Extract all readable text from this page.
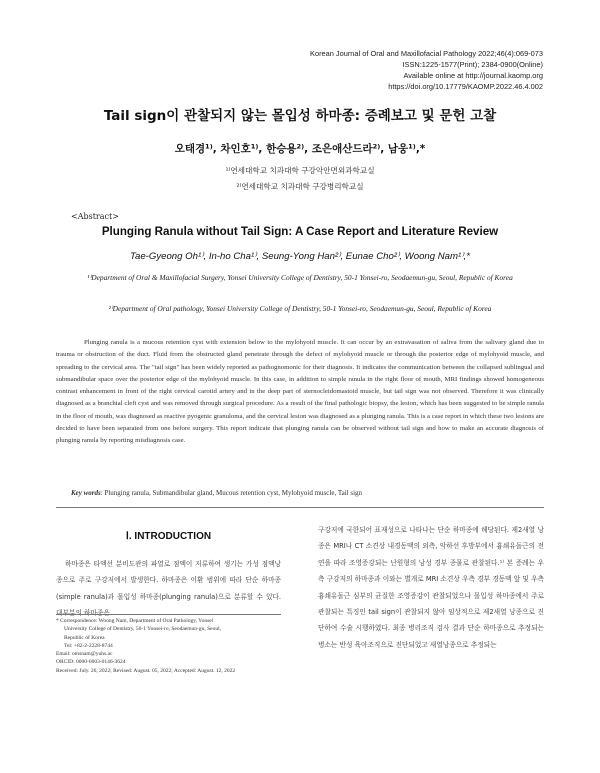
Korean Journal of Oral and Maxillofacial Pathology 2022;46(4):069-073
ISSN:1225-1577(Print); 2384-0900(Online)
Available online at http://journal.kaomp.org
https://doi.org/10.17779/KAOMP.2022.46.4.002
Tail sign이 관찰되지 않는 몰입성 하마종: 증례보고 및 문헌 고찰
오태경¹⁾, 차인호¹⁾, 한승용²⁾, 조은애산드라²⁾, 남웅¹⁾,*
¹⁾연세대학교 치과대학 구강악안면외과학교실
²⁾연세대학교 치과대학 구강병리학교실
<Abstract>
Plunging Ranula without Tail Sign: A Case Report and Literature Review
Tae-Gyeong Oh¹⁾, In-ho Cha¹⁾, Seung-Yong Han²⁾, Eunae Cho²⁾, Woong Nam¹⁾,*
¹⁾Department of Oral & Maxillofacial Surgery, Yonsei University College of Dentistry, 50-1 Yonsei-ro, Seodaemun-gu, Seoul, Republic of Korea
²⁾Department of Oral pathology, Yonsei University College of Dentistry, 50-1 Yonsei-ro, Seodaemun-gu, Seoul, Republic of Korea
Plunging ranula is a mucous retention cyst with extension below to the mylohyoid muscle. It can occur by an extravasation of saliva from the salivary gland due to trauma or obstruction of the duct. Fluid from the obstructed gland penetrate through the defect of mylohyoid muscle or through the posterior edge of mylohyoid muscle, and spreading to the cervical area. The "tail sign" has been widely reported as pathognomonic for their diagnosis. It indicates the communication between the collapsed sublingual and submandibular space over the posterior edge of the mylohyoid muscle. In this case, in addition to simple ranula in the right floor of mouth, MRI findings showed homogeneous contrast enhancement in front of the right cervical carotid artery and in the deep part of sternocleidomastoid muscle, but tail sign was not observed. Therefore it was clinically diagnosed as a branchial cleft cyst and was removed through surgical procedure. As a result of the final pathologic biopsy, the lesion, which has been suggested to be simple ranula in the floor of mouth, was diagnosed as reactive pyogenic granuloma, and the cervical lesion was diagnosed as a plunging ranula. This is a case report in which these two lesions are decided to have been separated from one before surgery. This report indicate that plunging ranula can be observed without tail sign and how to make an accurate diagnosis of plunging ranula by reporting misdiagnosis case.
Key words: Plunging ranula, Submandibular gland, Mucous retention cyst, Mylohyoid muscle, Tail sign
Ⅰ. INTRODUCTION
하마종은 타액선 분비도관의 파열로 점액이 저류하여 생기는 가성 점액낭종으로 주로 구강저에서 발생한다. 하마종은 이환 범위에 따라 단순 하마종(simple ranula)과 몰입성 하마종(plunging ranula)으로 분류할 수 있다. 대부분의 하마종은
구강저에 국한되어 표재성으로 나타나는 단순 하마종에 해당된다. 제2새열 낭종은 MRI나 CT 소견상 내경동맥의 외측, 악하선 후방부에서 흉쇄유돌근의 전연을 따라 조영증강되는 난원형의 낭성 경부 종물로 관찰된다.¹⁾ 본 증례는 우측 구강저의 하마종과 이와는 별개로 MRI 소견상 우측 경부 경동맥 앞 및 우측 흉쇄유돌근 심부의 균질한 조영증강이 관찰되었으나 몰입성 하마종에서 주로 관찰되는 특징인 tail sign이 관찰되지 않아 임상적으로 제2새열 낭종으로 진단하여 수술 시행하였다. 최종 병리조직 검사 결과 단순 하마종으로 추정되는 병소는 반성 육아조직으로 진단되었고 새열낭종으로 추정되는
* Correspondence: Woong Nam, Department of Oral Pathology, Yonsei
University College of Dentistry, 50-1 Yonsei-ro, Seodaemun-gu, Seoul,
Republic of Korea
Tel: +82-2-2228-8744
Email: omsnam@yuhs.ac
ORCID: 0000-0003-0146-3624
Received: July. 26, 2022; Revised: August. 05, 2022; Accepted: August. 12, 2022
